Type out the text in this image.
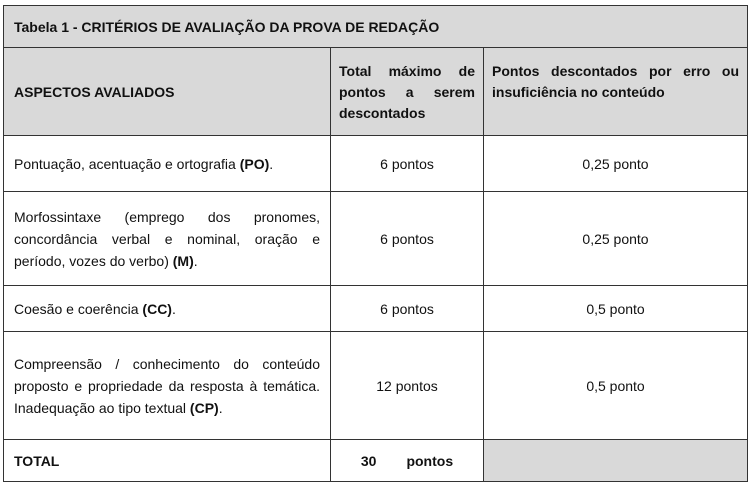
Tabela 1 - CRITÉRIOS DE AVALIAÇÃO DA PROVA DE REDAÇÃO		
ASPECTOS AVALIADOS	Total máximo de pontos a serem descontados	Pontos descontados por erro ou insuficiência no conteúdo
Pontuação, acentuação e ortografia (PO).	6 pontos	0,25 ponto
Morfossintaxe (emprego dos pronomes, concordância verbal e nominal, oração e período, vozes do verbo) (M).	6 pontos	0,25 ponto
Coesão e coerência (CC).	6 pontos	0,5 ponto
Compreensão / conhecimento do conteúdo proposto e propriedade da resposta à temática. Inadequação ao tipo textual (CP).	12 pontos	0,5 ponto
TOTAL	30 pontos	
